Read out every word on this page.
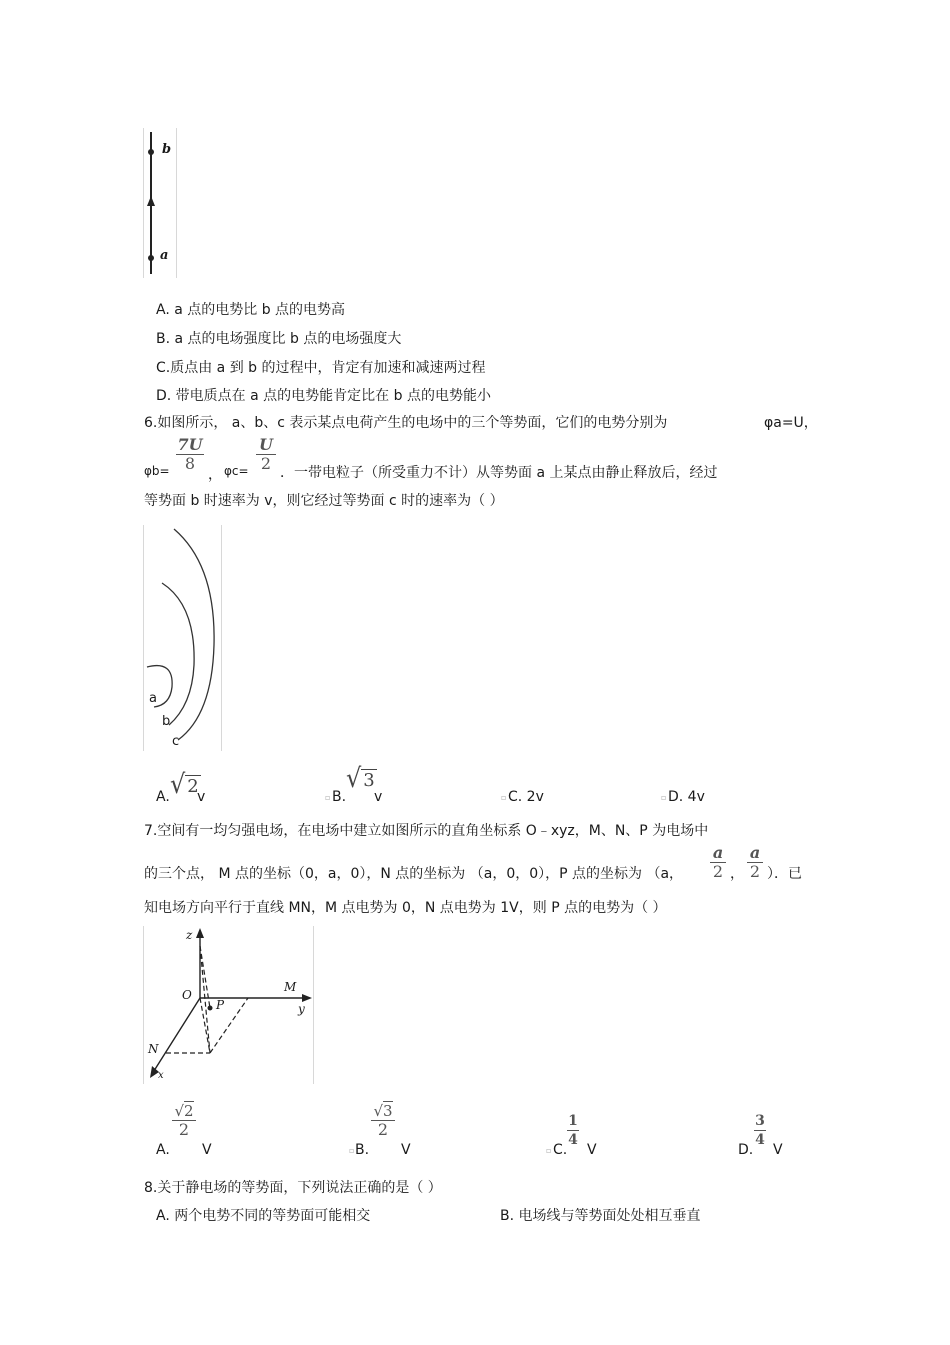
b
a
A. a 点的电势比 b 点的电势高
B. a 点的电场强度比 b 点的电场强度大
C.质点由 a 到 b 的过程中，肯定有加速和减速两过程
D. 带电质点在 a 点的电势能肯定比在 b 点的电势能小
6.如图所示， a、b、c 表示某点电荷产生的电场中的三个等势面，它们的电势分别为	φa=U，
φb=
7U
8
， φc=
U
2 ．一带电粒子（所受重力不计）从等势面 a 上某点由静止释放后，经过
等势面 b 时速率为 v，则它经过等势面 c 时的速率为（ ）
a
b
c
A. √ 2
v	▫ B.
√ 3
v	▫ C. 2v	▫ D. 4v
7.空间有一均匀强电场，在电场中建立如图所示的直角坐标系 O﹣xyz，M、N、P 为电场中
的三个点， M 点的坐标（0，a，0），N 点的坐标为 （a，0，0），P 点的坐标为 （a，
a
2 ，
a
2 ）．已
知电场方向平行于直线 MN，M 点电势为 0，N 点电势为 1V，则 P 点的电势为（ ）
z
O
P
M
y
N
x
A.
√2
2
V	▫ B.
√3
2
V	▫ C.
1
4
V	D.
3
4
V
8.关于静电场的等势面，下列说法正确的是（ ）
A. 两个电势不同的等势面可能相交	B. 电场线与等势面处处相互垂直
